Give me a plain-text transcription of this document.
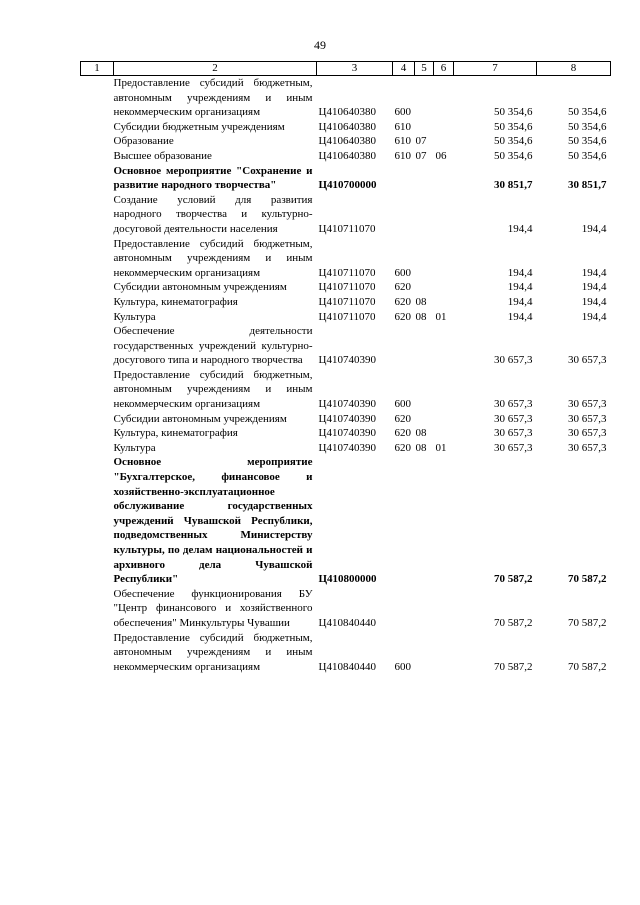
49
1	2	3	4	5	6	7	8
	Предоставление субсидий бюджетным, автономным учреждениям и иным некоммерческим организациям	Ц410640380	600			50 354,6	50 354,6
	Субсидии бюджетным учреждениям	Ц410640380	610			50 354,6	50 354,6
	Образование	Ц410640380	610	07		50 354,6	50 354,6
	Высшее образование	Ц410640380	610	07	06	50 354,6	50 354,6
	Основное мероприятие "Сохранение и развитие народного творчества"	Ц410700000				30 851,7	30 851,7
	Создание условий для развития народного творчества и культурно-досуговой деятельности населения	Ц410711070				194,4	194,4
	Предоставление субсидий бюджетным, автономным учреждениям и иным некоммерческим организациям	Ц410711070	600			194,4	194,4
	Субсидии автономным учреждениям	Ц410711070	620			194,4	194,4
	Культура, кинематография	Ц410711070	620	08		194,4	194,4
	Культура	Ц410711070	620	08	01	194,4	194,4
	Обеспечение деятельности государственных учреждений культурно-досугового типа и народного творчества	Ц410740390				30 657,3	30 657,3
	Предоставление субсидий бюджетным, автономным учреждениям и иным некоммерческим организациям	Ц410740390	600			30 657,3	30 657,3
	Субсидии автономным учреждениям	Ц410740390	620			30 657,3	30 657,3
	Культура, кинематография	Ц410740390	620	08		30 657,3	30 657,3
	Культура	Ц410740390	620	08	01	30 657,3	30 657,3
	Основное мероприятие "Бухгалтерское, финансовое и хозяйственно-эксплуатационное обслуживание государственных учреждений Чувашской Республики, подведомственных Министерству культуры, по делам национальностей и архивного дела Чувашской Республики"	Ц410800000				70 587,2	70 587,2
	Обеспечение функционирования БУ "Центр финансового и хозяйственного обеспечения" Минкультуры Чувашии	Ц410840440				70 587,2	70 587,2
	Предоставление субсидий бюджетным, автономным учреждениям и иным некоммерческим организациям	Ц410840440	600			70 587,2	70 587,2
